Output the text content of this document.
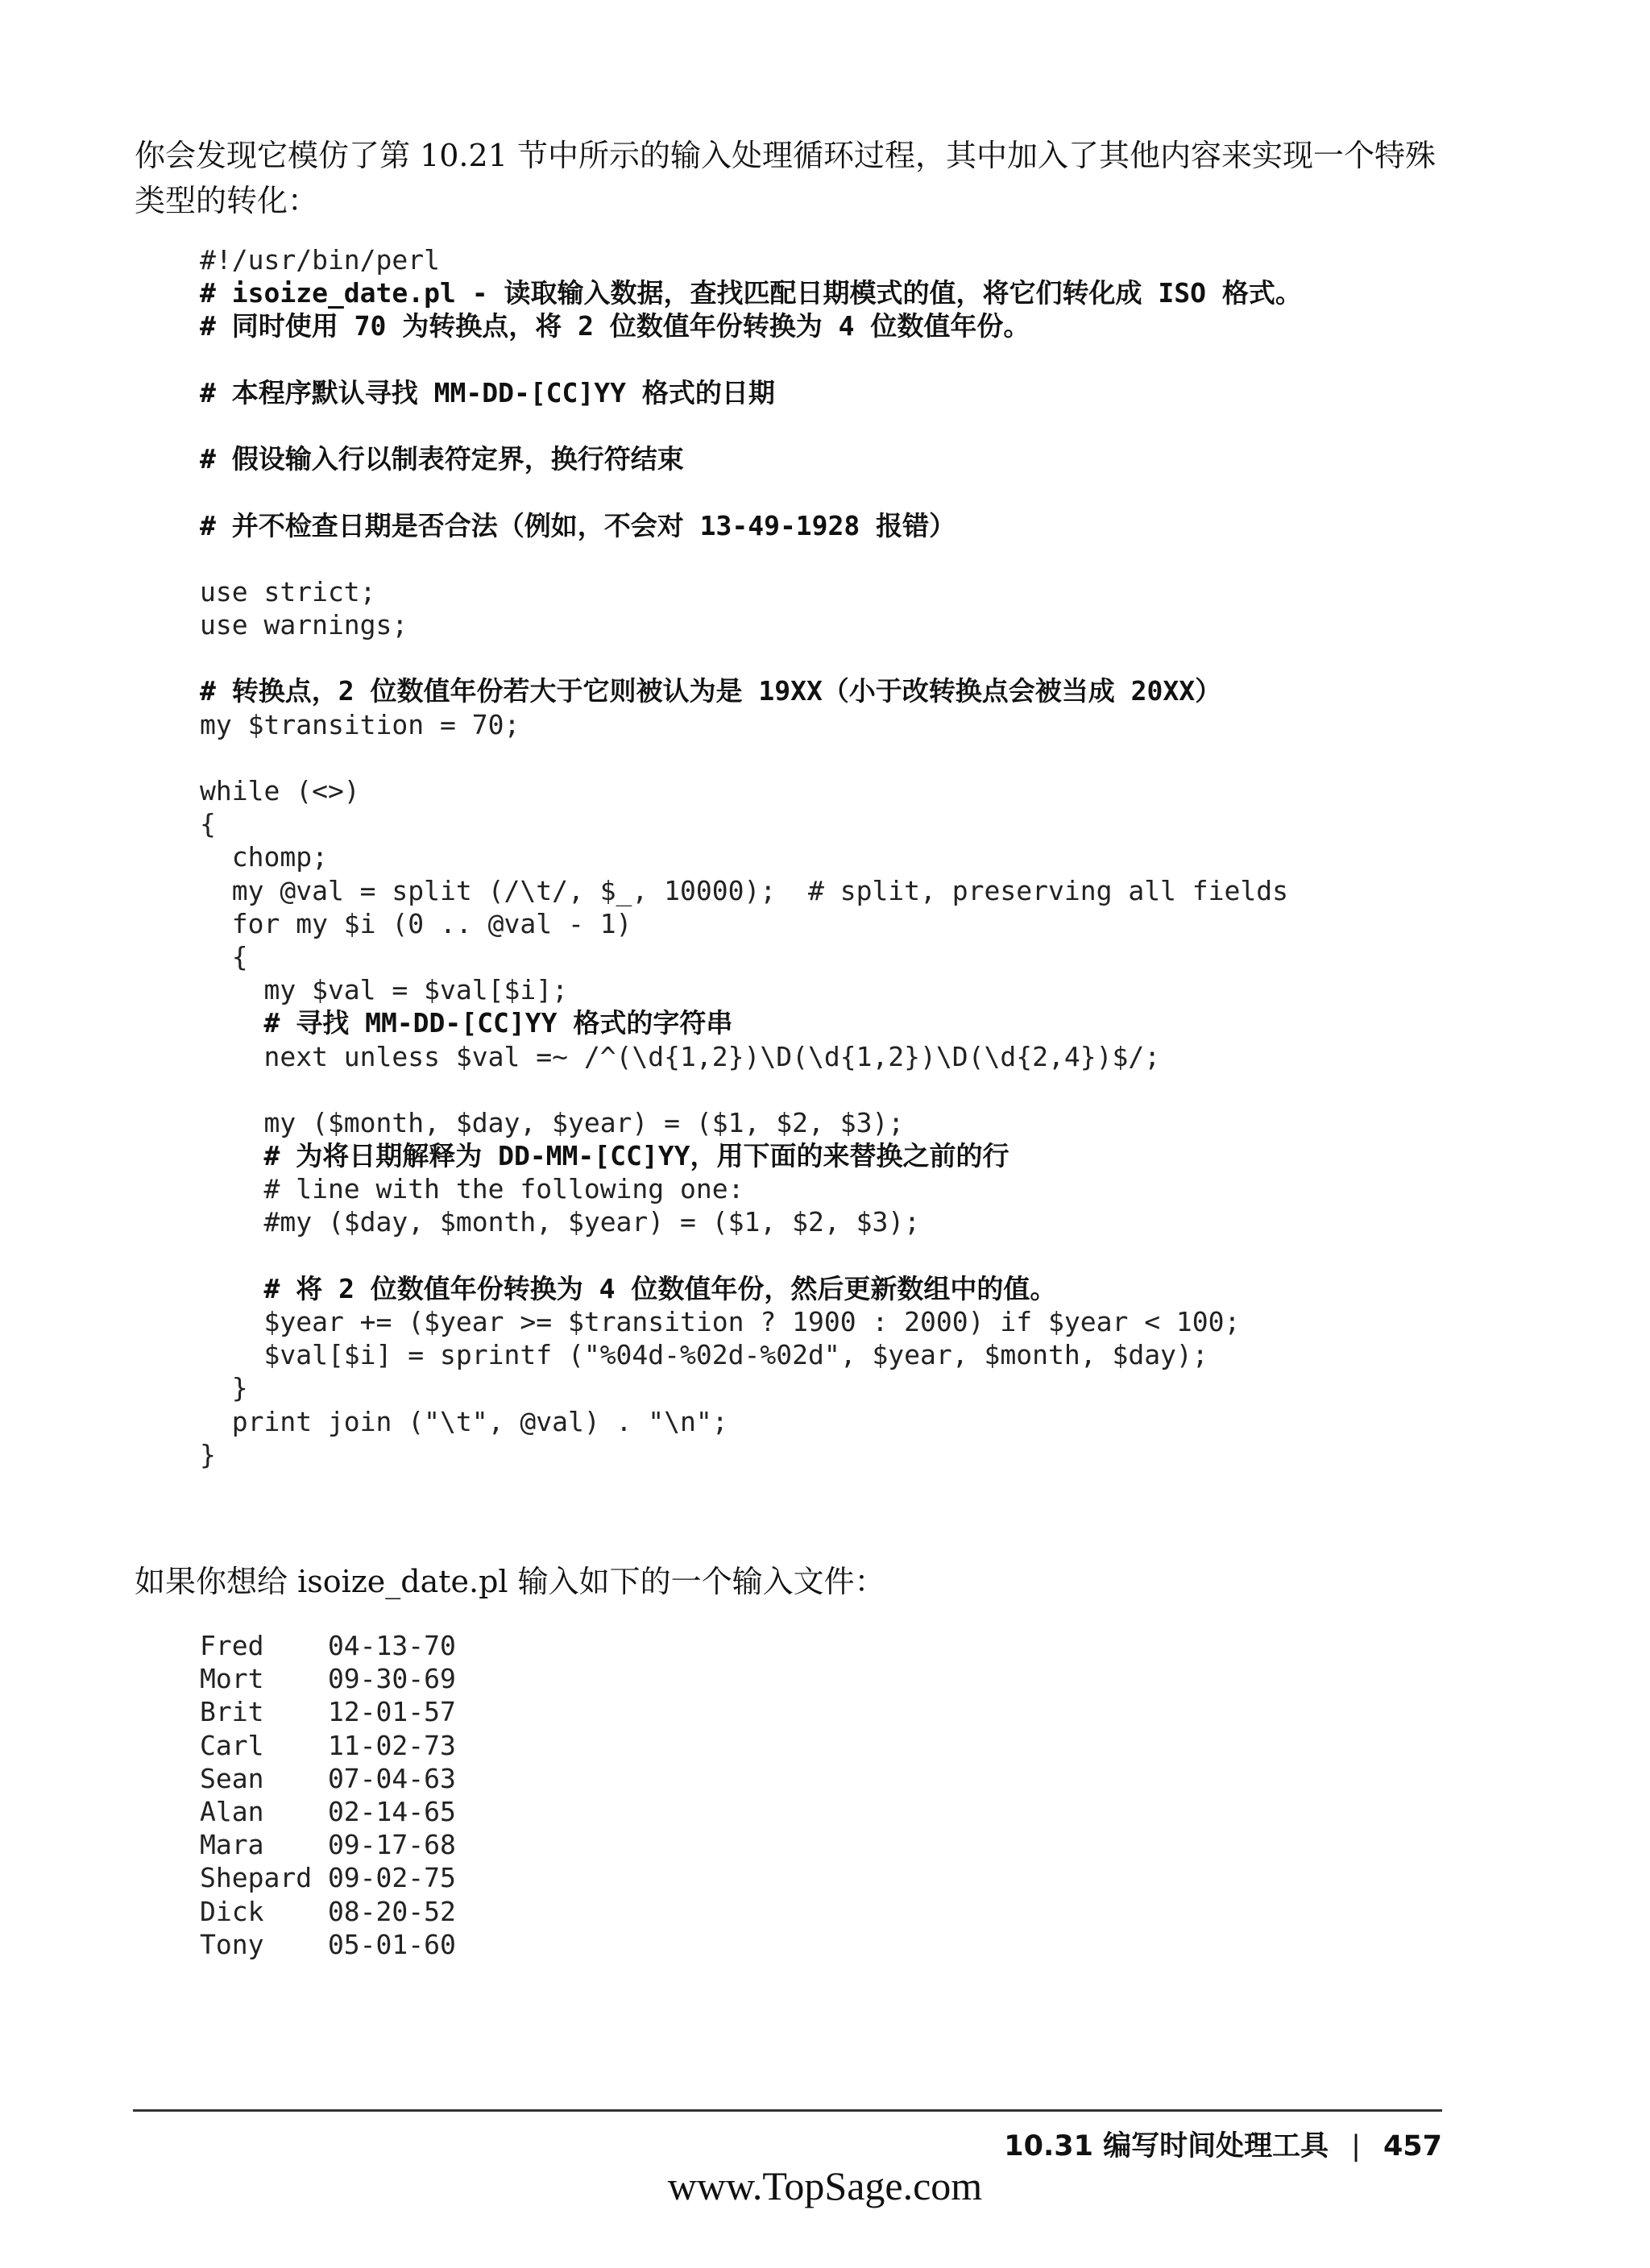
你会发现它模仿了第 10.21 节中所示的输入处理循环过程，其中加入了其他内容来实现一个特殊类型的转化：

#!/usr/bin/perl
# isoize_date.pl - 读取输入数据，查找匹配日期模式的值，将它们转化成 ISO 格式。
# 同时使用 70 为转换点，将 2 位数值年份转换为 4 位数值年份。
# 本程序默认寻找 MM-DD-[CC]YY 格式的日期
# 假设输入行以制表符定界，换行符结束
# 并不检查日期是否合法（例如，不会对 13-49-1928 报错）
use strict;
use warnings;
# 转换点，2 位数值年份若大于它则被认为是 19XX（小于改转换点会被当成 20XX）
my $transition = 70;
while (<>)
{
chomp;
my @val = split (/\t/, $_, 10000);  # split, preserving all fields
for my $i (0 .. @val - 1)
{
my $val = $val[$i];
# 寻找 MM-DD-[CC]YY 格式的字符串
next unless $val =~ /^(\d{1,2})\D(\d{1,2})\D(\d{2,4})$/;
my ($month, $day, $year) = ($1, $2, $3);
# 为将日期解释为 DD-MM-[CC]YY，用下面的来替换之前的行
# line with the following one:
#my ($day, $month, $year) = ($1, $2, $3);
# 将 2 位数值年份转换为 4 位数值年份，然后更新数组中的值。
$year += ($year >= $transition ? 1900 : 2000) if $year < 100;
$val[$i] = sprintf ("%04d-%02d-%02d", $year, $month, $day);
}
print join ("\t", @val) . "\n";
}

如果你想给 isoize_date.pl 输入如下的一个输入文件：

Fred    04-13-70
Mort    09-30-69
Brit    12-01-57
Carl    11-02-73
Sean    07-04-63
Alan    02-14-65
Mara    09-17-68
Shepard 09-02-75
Dick    08-20-52
Tony    05-01-60
10.31 编写时间处理工具 | 457
www.TopSage.com
